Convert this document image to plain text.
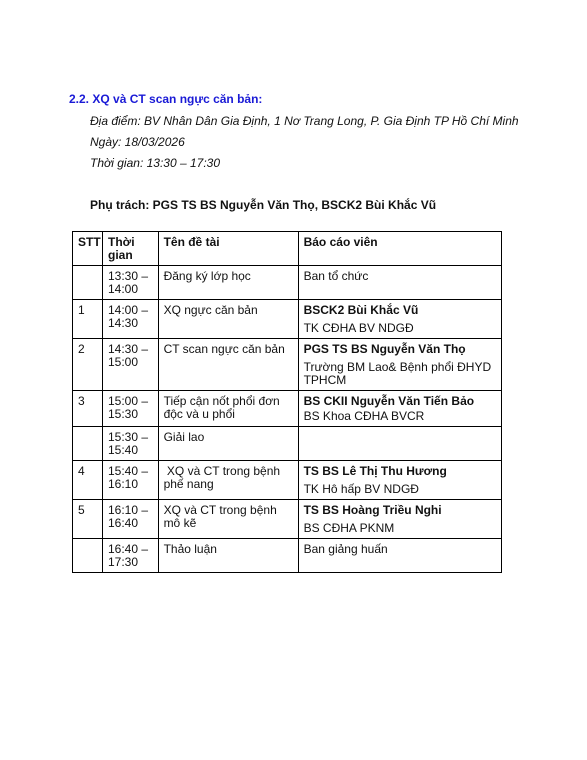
2.2. XQ và CT scan ngực căn bản:
Địa điểm: BV Nhân Dân Gia Định, 1 Nơ Trang Long, P. Gia Định TP Hồ Chí Minh
Ngày: 18/03/2026
Thời gian: 13:30 – 17:30
Phụ trách: PGS TS BS Nguyễn Văn Thọ, BSCK2 Bùi Khắc Vũ
STT	Thời gian	Tên đề tài	Báo cáo viên
	13:30 – 14:00	Đăng ký lớp học	Ban tổ chức

1	14:00 – 14:30	XQ ngực căn bản	BSCK2 Bùi Khắc Vũ
TK CĐHA BV NDGĐ

2	14:30 – 15:00	CT scan ngực căn bản	PGS TS BS Nguyễn Văn Thọ
Trường BM Lao& Bệnh phổi ĐHYD TPHCM

3	15:00 – 15:30	Tiếp cận nốt phổi đơn độc và u phổi	BS CKII Nguyễn Văn Tiến Bảo
BS Khoa CĐHA BVCR

	15:30 – 15:40	Giải lao	
4	15:40 – 16:10	XQ và CT trong bệnh phế nang	TS BS Lê Thị Thu Hương
TK Hô hấp BV NDGĐ

5	16:10 – 16:40	XQ và CT trong bệnh mô kẽ	TS BS Hoàng Triều Nghi
BS CĐHA PKNM

	16:40 – 17:30	Thảo luận	Ban giảng huấn
